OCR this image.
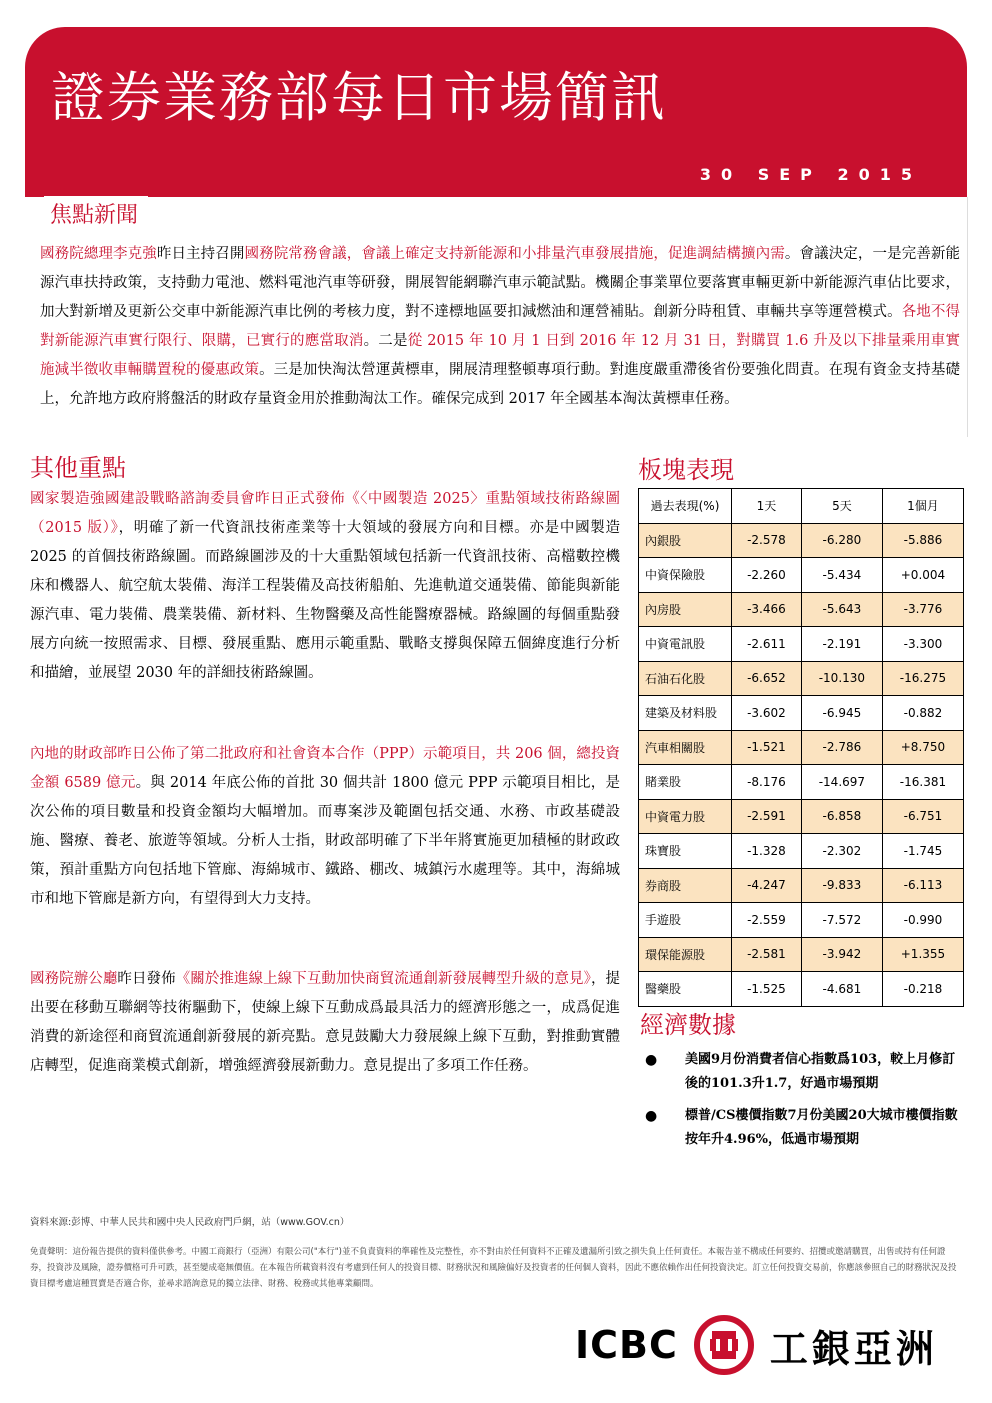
證券業務部每日市場簡訊
30 SEP 2015
焦點新聞
國務院總理李克強昨日主持召開國務院常務會議，會議上確定支持新能源和小排量汽車發展措施，促進調結構擴內需。會議決定，一是完善新能源汽車扶持政策，支持動力電池、燃料電池汽車等研發，開展智能網聯汽車示範試點。機關企事業單位要落實車輛更新中新能源汽車佔比要求，加大對新增及更新公交車中新能源汽車比例的考核力度，對不達標地區要扣減燃油和運營補貼。創新分時租賃、車輛共享等運營模式。各地不得對新能源汽車實行限行、限購，已實行的應當取消。二是從 2015 年 10 月 1 日到 2016 年 12 月 31 日，對購買 1.6 升及以下排量乘用車實施減半徵收車輛購置稅的優惠政策。三是加快淘汰營運黃標車，開展清理整頓專項行動。對進度嚴重滯後省份要強化問責。在現有資金支持基礎上，允許地方政府將盤活的財政存量資金用於推動淘汰工作。確保完成到 2017 年全國基本淘汰黃標車任務。
其他重點
國家製造強國建設戰略諮詢委員會昨日正式發佈《〈中國製造 2025〉重點領域技術路線圖（2015 版）》，明確了新一代資訊技術產業等十大領域的發展方向和目標。亦是中國製造 2025 的首個技術路線圖。而路線圖涉及的十大重點領域包括新一代資訊技術、高檔數控機床和機器人、航空航太裝備、海洋工程裝備及高技術船舶、先進軌道交通裝備、節能與新能源汽車、電力裝備、農業裝備、新材料、生物醫藥及高性能醫療器械。路線圖的每個重點發展方向統一按照需求、目標、發展重點、應用示範重點、戰略支撐與保障五個緯度進行分析和描繪，並展望 2030 年的詳細技術路線圖。
內地的財政部昨日公佈了第二批政府和社會資本合作（PPP）示範項目，共 206 個，總投資金額 6589 億元。與 2014 年底公佈的首批 30 個共計 1800 億元 PPP 示範項目相比，是次公佈的項目數量和投資金額均大幅增加。而專案涉及範圍包括交通、水務、市政基礎設施、醫療、養老、旅遊等領域。分析人士指，財政部明確了下半年將實施更加積極的財政政策，預計重點方向包括地下管廊、海綿城市、鐵路、棚改、城鎮污水處理等。其中，海綿城市和地下管廊是新方向，有望得到大力支持。
國務院辦公廳昨日發佈《關於推進線上線下互動加快商貿流通創新發展轉型升級的意見》，提出要在移動互聯網等技術驅動下，使線上線下互動成爲最具活力的經濟形態之一，成爲促進消費的新途徑和商貿流通創新發展的新亮點。意見鼓勵大力發展線上線下互動，對推動實體店轉型，促進商業模式創新，增強經濟發展新動力。意見提出了多項工作任務。
板塊表現
過去表現(%)	1天	5天	1個月
內銀股	-2.578	-6.280	-5.886
中資保險股	-2.260	-5.434	+0.004
內房股	-3.466	-5.643	-3.776
中資電訊股	-2.611	-2.191	-3.300
石油石化股	-6.652	-10.130	-16.275
建築及材料股	-3.602	-6.945	-0.882
汽車相關股	-1.521	-2.786	+8.750
賭業股	-8.176	-14.697	-16.381
中資電力股	-2.591	-6.858	-6.751
珠寶股	-1.328	-2.302	-1.745
券商股	-4.247	-9.833	-6.113
手遊股	-2.559	-7.572	-0.990
環保能源股	-2.581	-3.942	+1.355
醫藥股	-1.525	-4.681	-0.218
經濟數據
● 美國9月份消費者信心指數爲103，較上月修訂後的101.3升1.7，好過市場預期
● 標普/CS樓價指數7月份美國20大城市樓價指數按年升4.96%，低過市場預期
資料來源:彭博、中華人民共和國中央人民政府門戶網，站（www.GOV.cn）
免責聲明：這份報告提供的資料僅供參考。中國工商銀行（亞洲）有限公司("本行")並不負責資料的準確性及完整性，亦不對由於任何資料不正確及遺漏所引致之損失負上任何責任。本報告並不構成任何要約、招攬或邀請購買，出售或持有任何證券，投資涉及風險，證券價格可升可跌，甚至變成毫無價值。在本報告所載資料沒有考慮到任何人的投資目標、財務狀況和風險偏好及投資者的任何個人資料，因此不應依賴作出任何投資決定。訂立任何投資交易前，你應該參照自己的財務狀況及投資目標考慮這種買賣是否適合你，並尋求諮詢意見的獨立法律、財務、稅務或其他專業顧問。
ICBC 工銀亞洲
